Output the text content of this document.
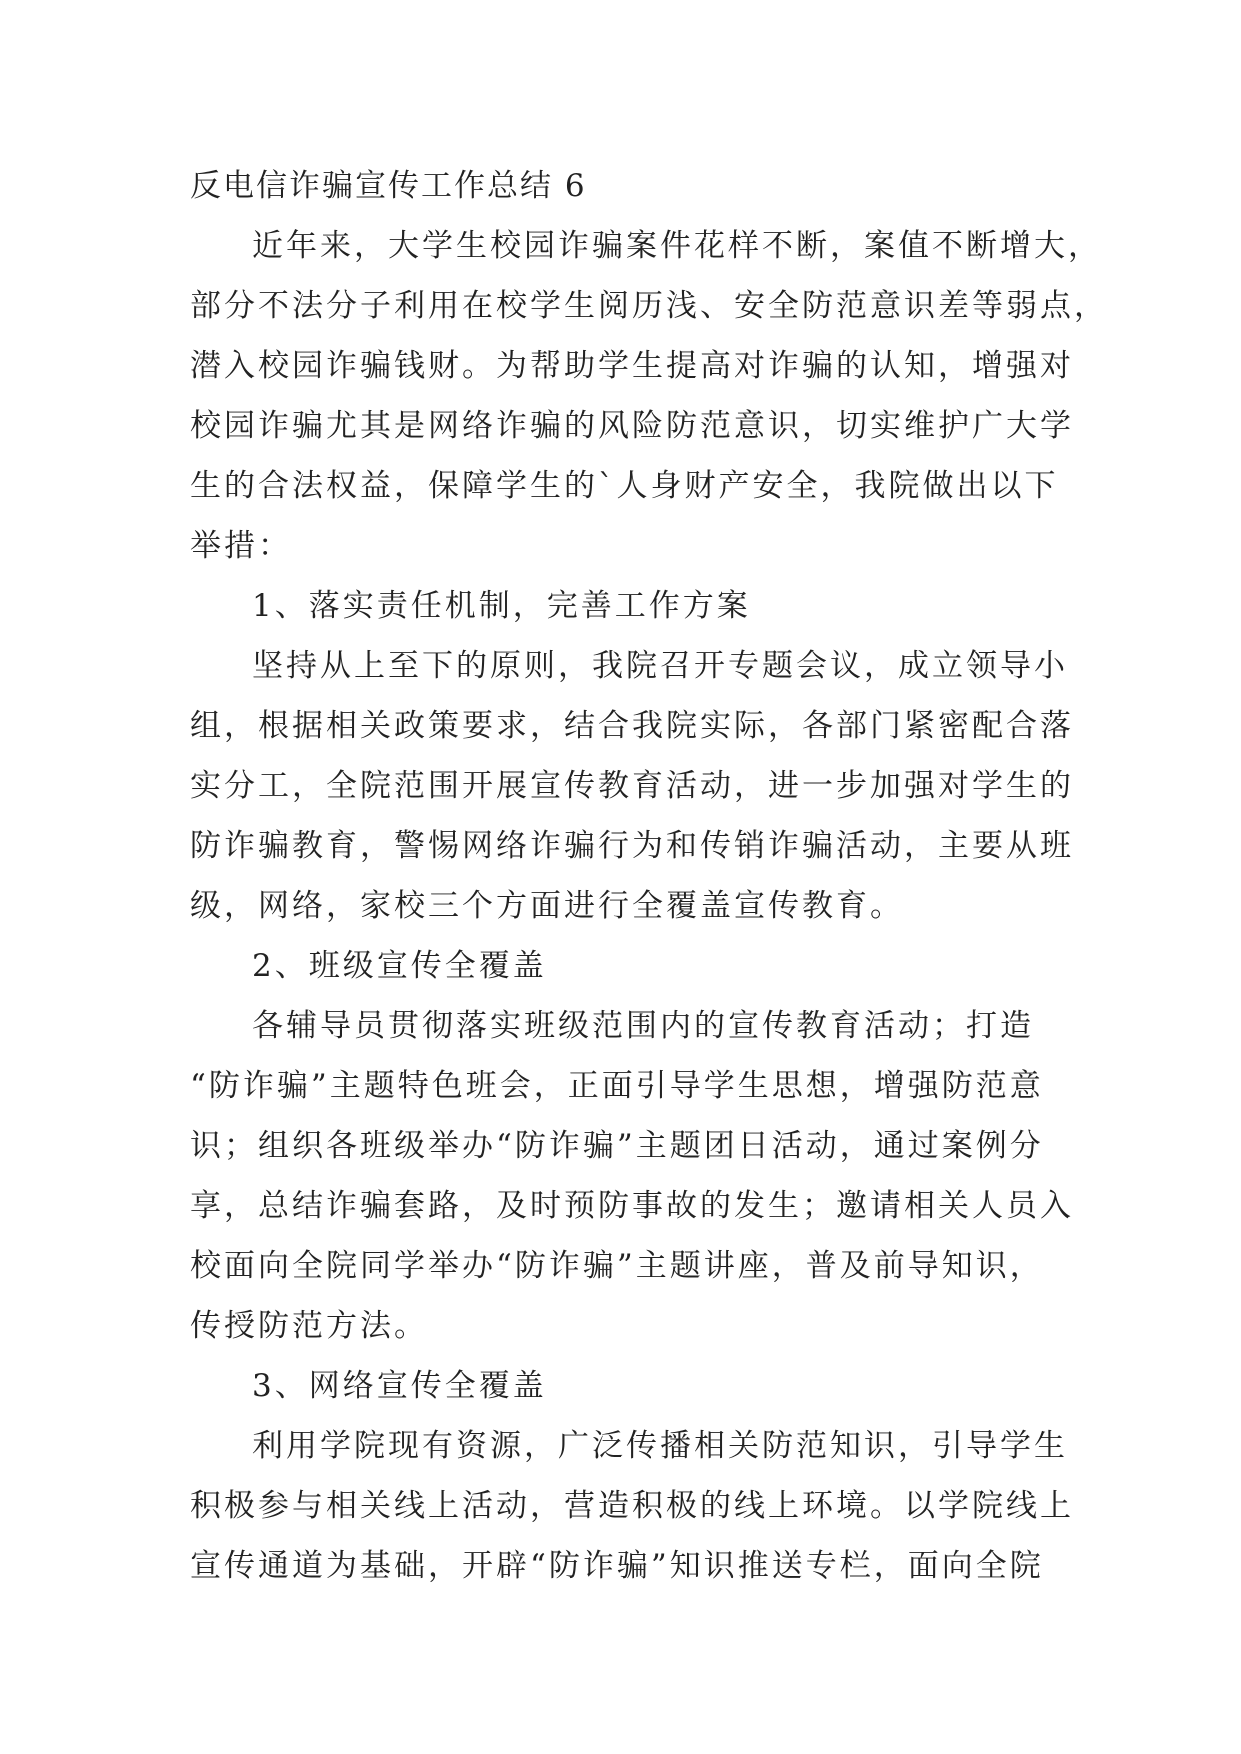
反电信诈骗宣传工作总结 6
近年来，大学生校园诈骗案件花样不断，案值不断增大，
部分不法分子利用在校学生阅历浅、安全防范意识差等弱点，
潜入校园诈骗钱财。为帮助学生提高对诈骗的认知，增强对
校园诈骗尤其是网络诈骗的风险防范意识，切实维护广大学
生的合法权益，保障学生的`人身财产安全，我院做出以下
举措：
1、落实责任机制，完善工作方案
坚持从上至下的原则，我院召开专题会议，成立领导小
组，根据相关政策要求，结合我院实际，各部门紧密配合落
实分工，全院范围开展宣传教育活动，进一步加强对学生的
防诈骗教育，警惕网络诈骗行为和传销诈骗活动，主要从班
级，网络，家校三个方面进行全覆盖宣传教育。
2、班级宣传全覆盖
各辅导员贯彻落实班级范围内的宣传教育活动；打造
“防诈骗”主题特色班会，正面引导学生思想，增强防范意
识；组织各班级举办“防诈骗”主题团日活动，通过案例分
享，总结诈骗套路，及时预防事故的发生；邀请相关人员入
校面向全院同学举办“防诈骗”主题讲座，普及前导知识，
传授防范方法。
3、网络宣传全覆盖
利用学院现有资源，广泛传播相关防范知识，引导学生
积极参与相关线上活动，营造积极的线上环境。以学院线上
宣传通道为基础，开辟“防诈骗”知识推送专栏，面向全院
